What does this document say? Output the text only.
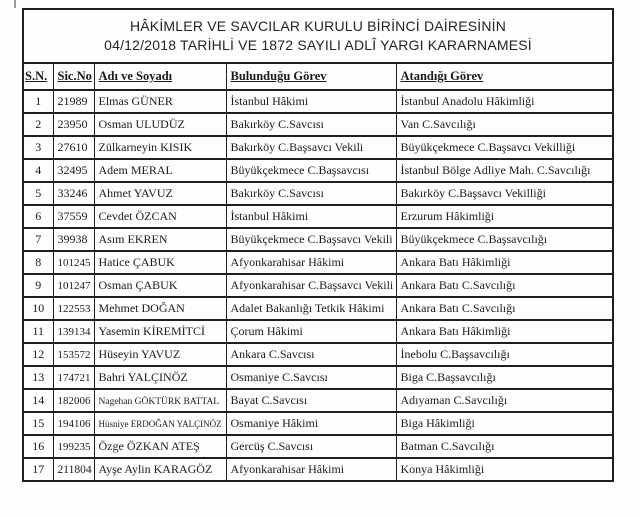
HÂKİMLER VE SAVCILAR KURULU BİRİNCİ DAİRESİNİN
04/12/2018 TARİHLİ VE 1872 SAYILI ADLÎ YARGI KARARNAMESİ				

S.N.	Sic.No	Adı ve Soyadı	Bulunduğu Görev	Atandığı Görev
1	21989	Elmas GÜNER	İstanbul Hâkimi	İstanbul Anadolu Hâkimliği
2	23950	Osman ULUDÜZ	Bakırköy C.Savcısı	Van C.Savcılığı
3	27610	Zülkarneyin KISIK	Bakırköy C.Başsavcı Vekili	Büyükçekmece C.Başsavcı Vekilliği
4	32495	Adem MERAL	Büyükçekmece C.Başsavcısı	İstanbul Bölge Adliye Mah. C.Savcılığı
5	33246	Ahmet YAVUZ	Bakırköy C.Savcısı	Bakırköy C.Başsavcı Vekilliği
6	37559	Cevdet ÖZCAN	İstanbul Hâkimi	Erzurum Hâkimliği
7	39938	Asım EKREN	Büyükçekmece C.Başsavcı Vekili	Büyükçekmece C.Başsavcılığı
8	101245	Hatice ÇABUK	Afyonkarahisar Hâkimi	Ankara Batı Hâkimliği
9	101247	Osman ÇABUK	Afyonkarahisar C.Başsavcı Vekili	Ankara Batı C.Savcılığı
10	122553	Mehmet DOĞAN	Adalet Bakanlığı Tetkik Hâkimi	Ankara Batı C.Savcılığı
11	139134	Yasemin KİREMİTCİ	Çorum Hâkimi	Ankara Batı Hâkimliği
12	153572	Hüseyin YAVUZ	Ankara C.Savcısı	İnebolu C.Başsavcılığı
13	174721	Bahri YALÇINÖZ	Osmaniye C.Savcısı	Biga C.Başsavcılığı
14	182006	Nagehan GÖKTÜRK BATTAL	Bayat C.Savcısı	Adıyaman C.Savcılığı
15	194106	Hüsniye ERDOĞAN YALÇINÖZ	Osmaniye Hâkimi	Biga Hâkimliği
16	199235	Özge ÖZKAN ATEŞ	Gercüş C.Savcısı	Batman C.Savcılığı
17	211804	Ayşe Aylin KARAGÖZ	Afyonkarahisar Hâkimi	Konya Hâkimliği
